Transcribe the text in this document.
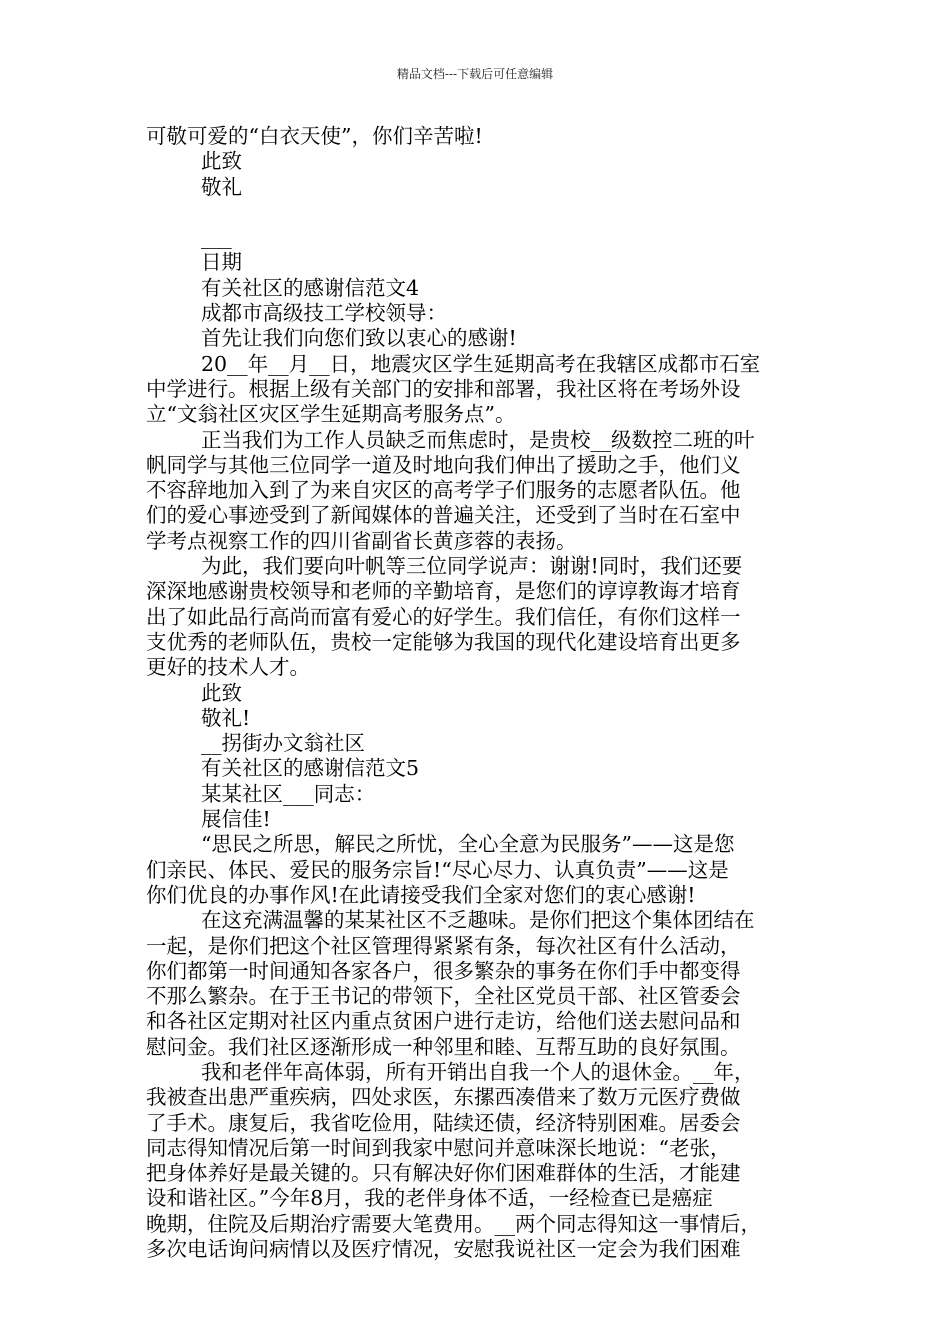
精品文档---下载后可任意编辑
可敬可爱的“白衣天使”，你们辛苦啦!
此致
敬礼
___
日期
有关社区的感谢信范文4
成都市高级技工学校领导：
首先让我们向您们致以衷心的感谢!
20__年__月__日，地震灾区学生延期高考在我辖区成都市石室
中学进行。根据上级有关部门的安排和部署，我社区将在考场外设
立“文翁社区灾区学生延期高考服务点”。
正当我们为工作人员缺乏而焦虑时，是贵校__级数控二班的叶
帆同学与其他三位同学一道及时地向我们伸出了援助之手，他们义
不容辞地加入到了为来自灾区的高考学子们服务的志愿者队伍。他
们的爱心事迹受到了新闻媒体的普遍关注，还受到了当时在石室中
学考点视察工作的四川省副省长黄彦蓉的表扬。
为此，我们要向叶帆等三位同学说声：谢谢!同时，我们还要
深深地感谢贵校领导和老师的辛勤培育，是您们的谆谆教诲才培育
出了如此品行高尚而富有爱心的好学生。我们信任，有你们这样一
支优秀的老师队伍，贵校一定能够为我国的现代化建设培育出更多
更好的技术人才。
此致
敬礼!
__拐街办文翁社区
有关社区的感谢信范文5
某某社区___同志：
展信佳!
“思民之所思，解民之所忧，全心全意为民服务”——这是您
们亲民、体民、爱民的服务宗旨!“尽心尽力、认真负责”——这是
你们优良的办事作风!在此请接受我们全家对您们的衷心感谢!
在这充满温馨的某某社区不乏趣味。是你们把这个集体团结在
一起，是你们把这个社区管理得紧紧有条，每次社区有什么活动，
你们都第一时间通知各家各户，很多繁杂的事务在你们手中都变得
不那么繁杂。在于王书记的带领下，全社区党员干部、社区管委会
和各社区定期对社区内重点贫困户进行走访，给他们送去慰问品和
慰问金。我们社区逐渐形成一种邻里和睦、互帮互助的良好氛围。
我和老伴年高体弱，所有开销出自我一个人的退休金。__年，
我被查出患严重疾病，四处求医，东摞西凑借来了数万元医疗费做
了手术。康复后，我省吃俭用，陆续还债，经济特别困难。居委会
同志得知情况后第一时间到我家中慰问并意味深长地说：“老张，
把身体养好是最关键的。只有解决好你们困难群体的生活，才能建
设和谐社区。”今年8月，我的老伴身体不适，一经检查已是癌症
晚期，住院及后期治疗需要大笔费用。__两个同志得知这一事情后，
多次电话询问病情以及医疗情况，安慰我说社区一定会为我们困难
